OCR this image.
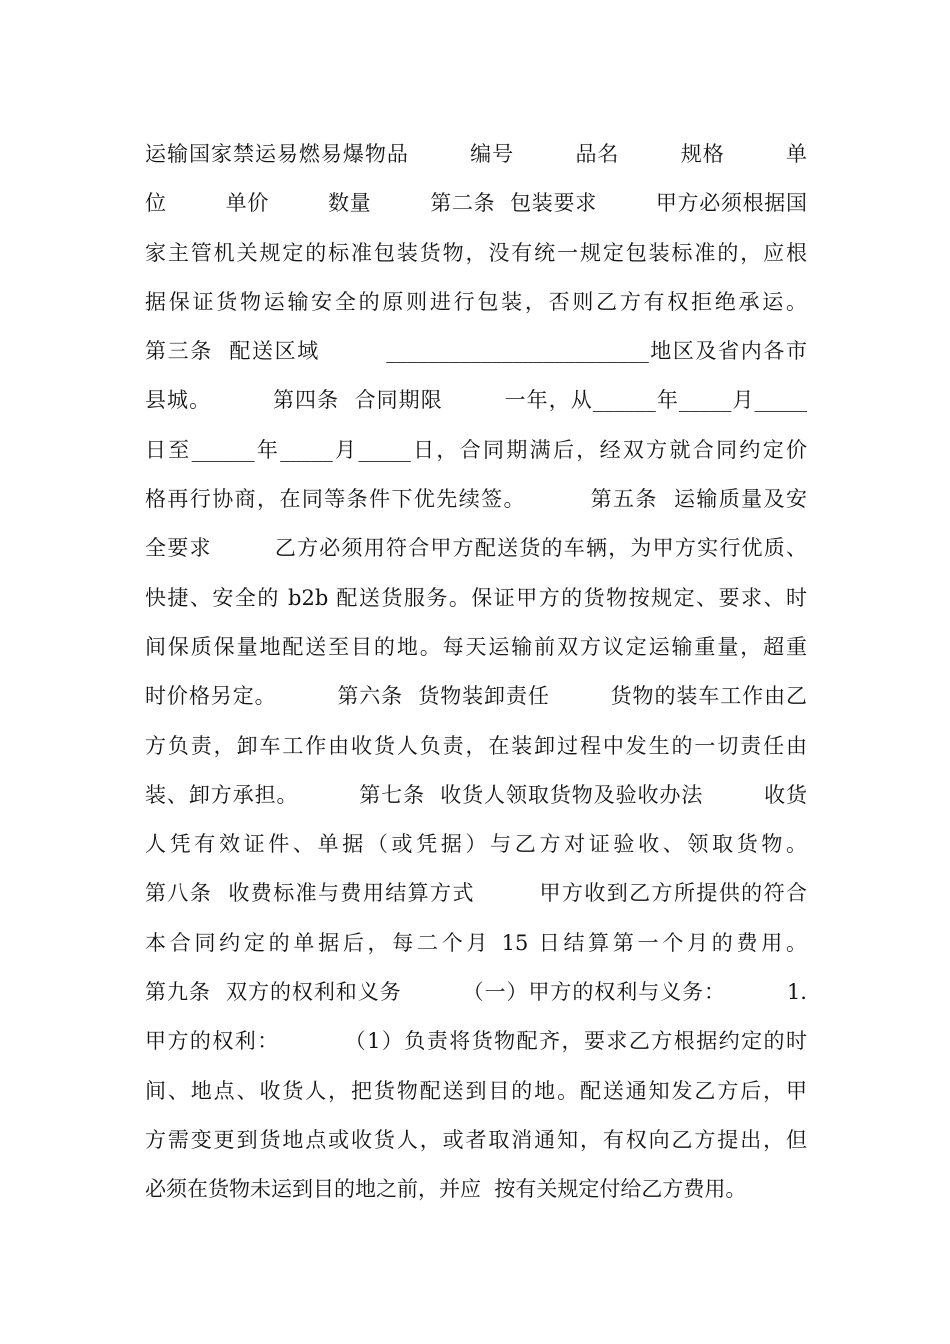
运输国家禁运易燃易爆物品        编号        品名        规格        单
位        单价        数量        第二条  包装要求        甲方必须根据国
家主管机关规定的标准包装货物，没有统一规定包装标准的，应根
据保证货物运输安全的原则进行包装，否则乙方有权拒绝承运。
第三条  配送区域        _________________________地区及省内各市
县城。        第四条  合同期限        一年，从______年_____月_____
日至______年_____月_____日，合同期满后，经双方就合同约定价
格再行协商，在同等条件下优先续签。        第五条  运输质量及安
全要求        乙方必须用符合甲方配送货的车辆，为甲方实行优质、
快捷、安全的 b2b 配送货服务。保证甲方的货物按规定、要求、时
间保质保量地配送至目的地。每天运输前双方议定运输重量，超重
时价格另定。        第六条  货物装卸责任        货物的装车工作由乙
方负责，卸车工作由收货人负责，在装卸过程中发生的一切责任由
装、卸方承担。        第七条  收货人领取货物及验收办法        收货
人凭有效证件、单据（或凭据）与乙方对证验收、领取货物。
第八条  收费标准与费用结算方式        甲方收到乙方所提供的符合
本合同约定的单据后，每二个月 15 日结算第一个月的费用。
第九条  双方的权利和义务        （一）甲方的权利与义务：        1.
甲方的权利：        （1）负责将货物配齐，要求乙方根据约定的时
间、地点、收货人，把货物配送到目的地。配送通知发乙方后，甲
方需变更到货地点或收货人，或者取消通知，有权向乙方提出，但
必须在货物未运到目的地之前，并应  按有关规定付给乙方费用。
